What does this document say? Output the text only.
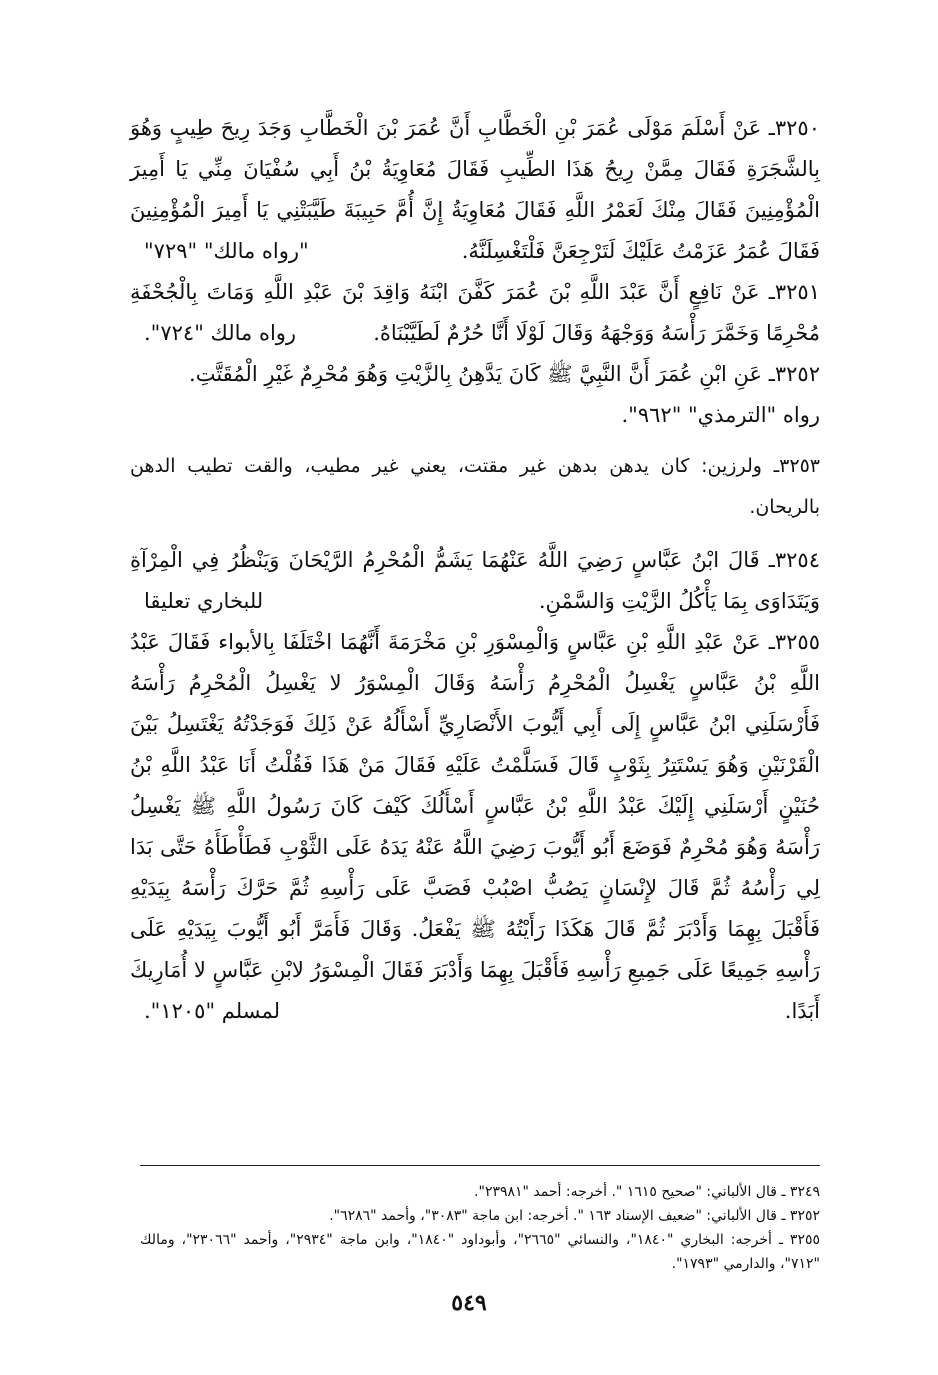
٣٢٥٠ـ عَنْ أَسْلَمَ مَوْلَى عُمَرَ بْنِ الْخَطَّابِ أَنَّ عُمَرَ بْنَ الْخَطَّابِ وَجَدَ رِيحَ طِيبٍ وَهُوَ بِالشَّجَرَةِ فَقَالَ مِمَّنْ رِيحُ هَذَا الطِّيبِ فَقَالَ مُعَاوِيَةُ بْنُ أَبِي سُفْيَانَ مِنِّي يَا أَمِيرَ الْمُؤْمِنِينَ فَقَالَ مِنْكَ لَعَمْرُ اللَّهِ فَقَالَ مُعَاوِيَةُ إِنَّ أُمَّ حَبِيبَةَ طَيَّبَتْنِي يَا أَمِيرَ الْمُؤْمِنِينَ فَقَالَ عُمَرُ عَزَمْتُ عَلَيْكَ لَتَرْجِعَنَّ فَلْتَغْسِلَنَّهُ.
"رواه مالك" "٧٢٩"

٣٢٥١ـ عَنْ نَافِعٍ أَنَّ عَبْدَ اللَّهِ بْنَ عُمَرَ كَفَّنَ ابْنَهُ وَاقِدَ بْنَ عَبْدِ اللَّهِ وَمَاتَ بِالْجُحْفَةِ مُحْرِمًا وَخَمَّرَ رَأْسَهُ وَوَجْهَهُ وَقَالَ لَوْلَا أَنَّا حُرُمٌ لَطَيَّبْنَاهُ.
رواه مالك "٧٢٤".

٣٢٥٢ـ عَنِ ابْنِ عُمَرَ أَنَّ النَّبِيَّ ﷺ كَانَ يَدَّهِنُ بِالزَّيْتِ وَهُوَ مُحْرِمٌ غَيْرِ الْمُقَتَّتِ.

رواه "الترمذي" "٩٦٢".

٣٢٥٣ـ ولرزين: كان يدهن بدهن غير مقتت، يعني غير مطيب، والقت تطيب الدهن بالريحان.

٣٢٥٤ـ قَالَ ابْنُ عَبَّاسٍ رَضِيَ اللَّهُ عَنْهُمَا يَشَمُّ الْمُحْرِمُ الرَّيْحَانَ وَيَنْظُرُ فِي الْمِرْآةِ وَيَتَدَاوَى بِمَا يَأْكُلُ الزَّيْتِ وَالسَّمْنِ.
للبخاري تعليقا

٣٢٥٥ـ عَنْ عَبْدِ اللَّهِ بْنِ عَبَّاسٍ وَالْمِسْوَرِ بْنِ مَخْرَمَةَ أَنَّهُمَا اخْتَلَفَا بِالأبواء فَقَالَ عَبْدُ اللَّهِ بْنُ عَبَّاسٍ يَغْسِلُ الْمُحْرِمُ رَأْسَهُ وَقَالَ الْمِسْوَرُ لا يَغْسِلُ الْمُحْرِمُ رَأْسَهُ فَأَرْسَلَنِي ابْنُ عَبَّاسٍ إِلَى أَبِي أَيُّوبَ الأَنْصَارِيِّ أَسْأَلُهُ عَنْ ذَلِكَ فَوَجَدْتُهُ يَغْتَسِلُ بَيْنَ الْقَرْنَيْنِ وَهُوَ يَسْتَتِرُ بِثَوْبٍ قَالَ فَسَلَّمْتُ عَلَيْهِ فَقَالَ مَنْ هَذَا فَقُلْتُ أَنَا عَبْدُ اللَّهِ بْنُ حُنَيْنٍ أَرْسَلَنِي إِلَيْكَ عَبْدُ اللَّهِ بْنُ عَبَّاسٍ أَسْأَلُكَ كَيْفَ كَانَ رَسُولُ اللَّهِ ﷺ يَغْسِلُ رَأْسَهُ وَهُوَ مُحْرِمٌ فَوَضَعَ أَبُو أَيُّوبَ رَضِيَ اللَّهُ عَنْهُ يَدَهُ عَلَى الثَّوْبِ فَطَأْطَأَهُ حَتَّى بَدَا لِي رَأْسُهُ ثُمَّ قَالَ لإِنْسَانٍ يَصُبُّ اصْبُبْ فَصَبَّ عَلَى رَأْسِهِ ثُمَّ حَرَّكَ رَأْسَهُ بِيَدَيْهِ فَأَقْبَلَ بِهِمَا وَأَدْبَرَ ثُمَّ قَالَ هَكَذَا رَأَيْتُهُ ﷺ يَفْعَلُ. وَقَالَ فَأَمَرَّ أَبُو أَيُّوبَ بِيَدَيْهِ عَلَى رَأْسِهِ جَمِيعًا عَلَى جَمِيعِ رَأْسِهِ فَأَقْبَلَ بِهِمَا وَأَدْبَرَ فَقَالَ الْمِسْوَرُ لابْنِ عَبَّاسٍ لا أُمَارِيكَ أَبَدًا.
لمسلم "١٢٠٥".

٣٢٤٩ ـ قال الألباني: "صحيح ١٦١٥ ". أخرجه: أحمد "٢٣٩٨١".

٣٢٥٢ ـ قال الألباني: "ضعيف الإسناد ١٦٣ ". أخرجه: ابن ماجة "٣٠٨٣"، وأحمد "٦٢٨٦".

٣٢٥٥ ـ أخرجه: البخاري "١٨٤٠"، والنسائي "٢٦٦٥"، وأبوداود "١٨٤٠"، وابن ماجة "٢٩٣٤"، وأحمد "٢٣٠٦٦"، ومالك "٧١٢"، والدارمي "١٧٩٣".

٥٤٩
